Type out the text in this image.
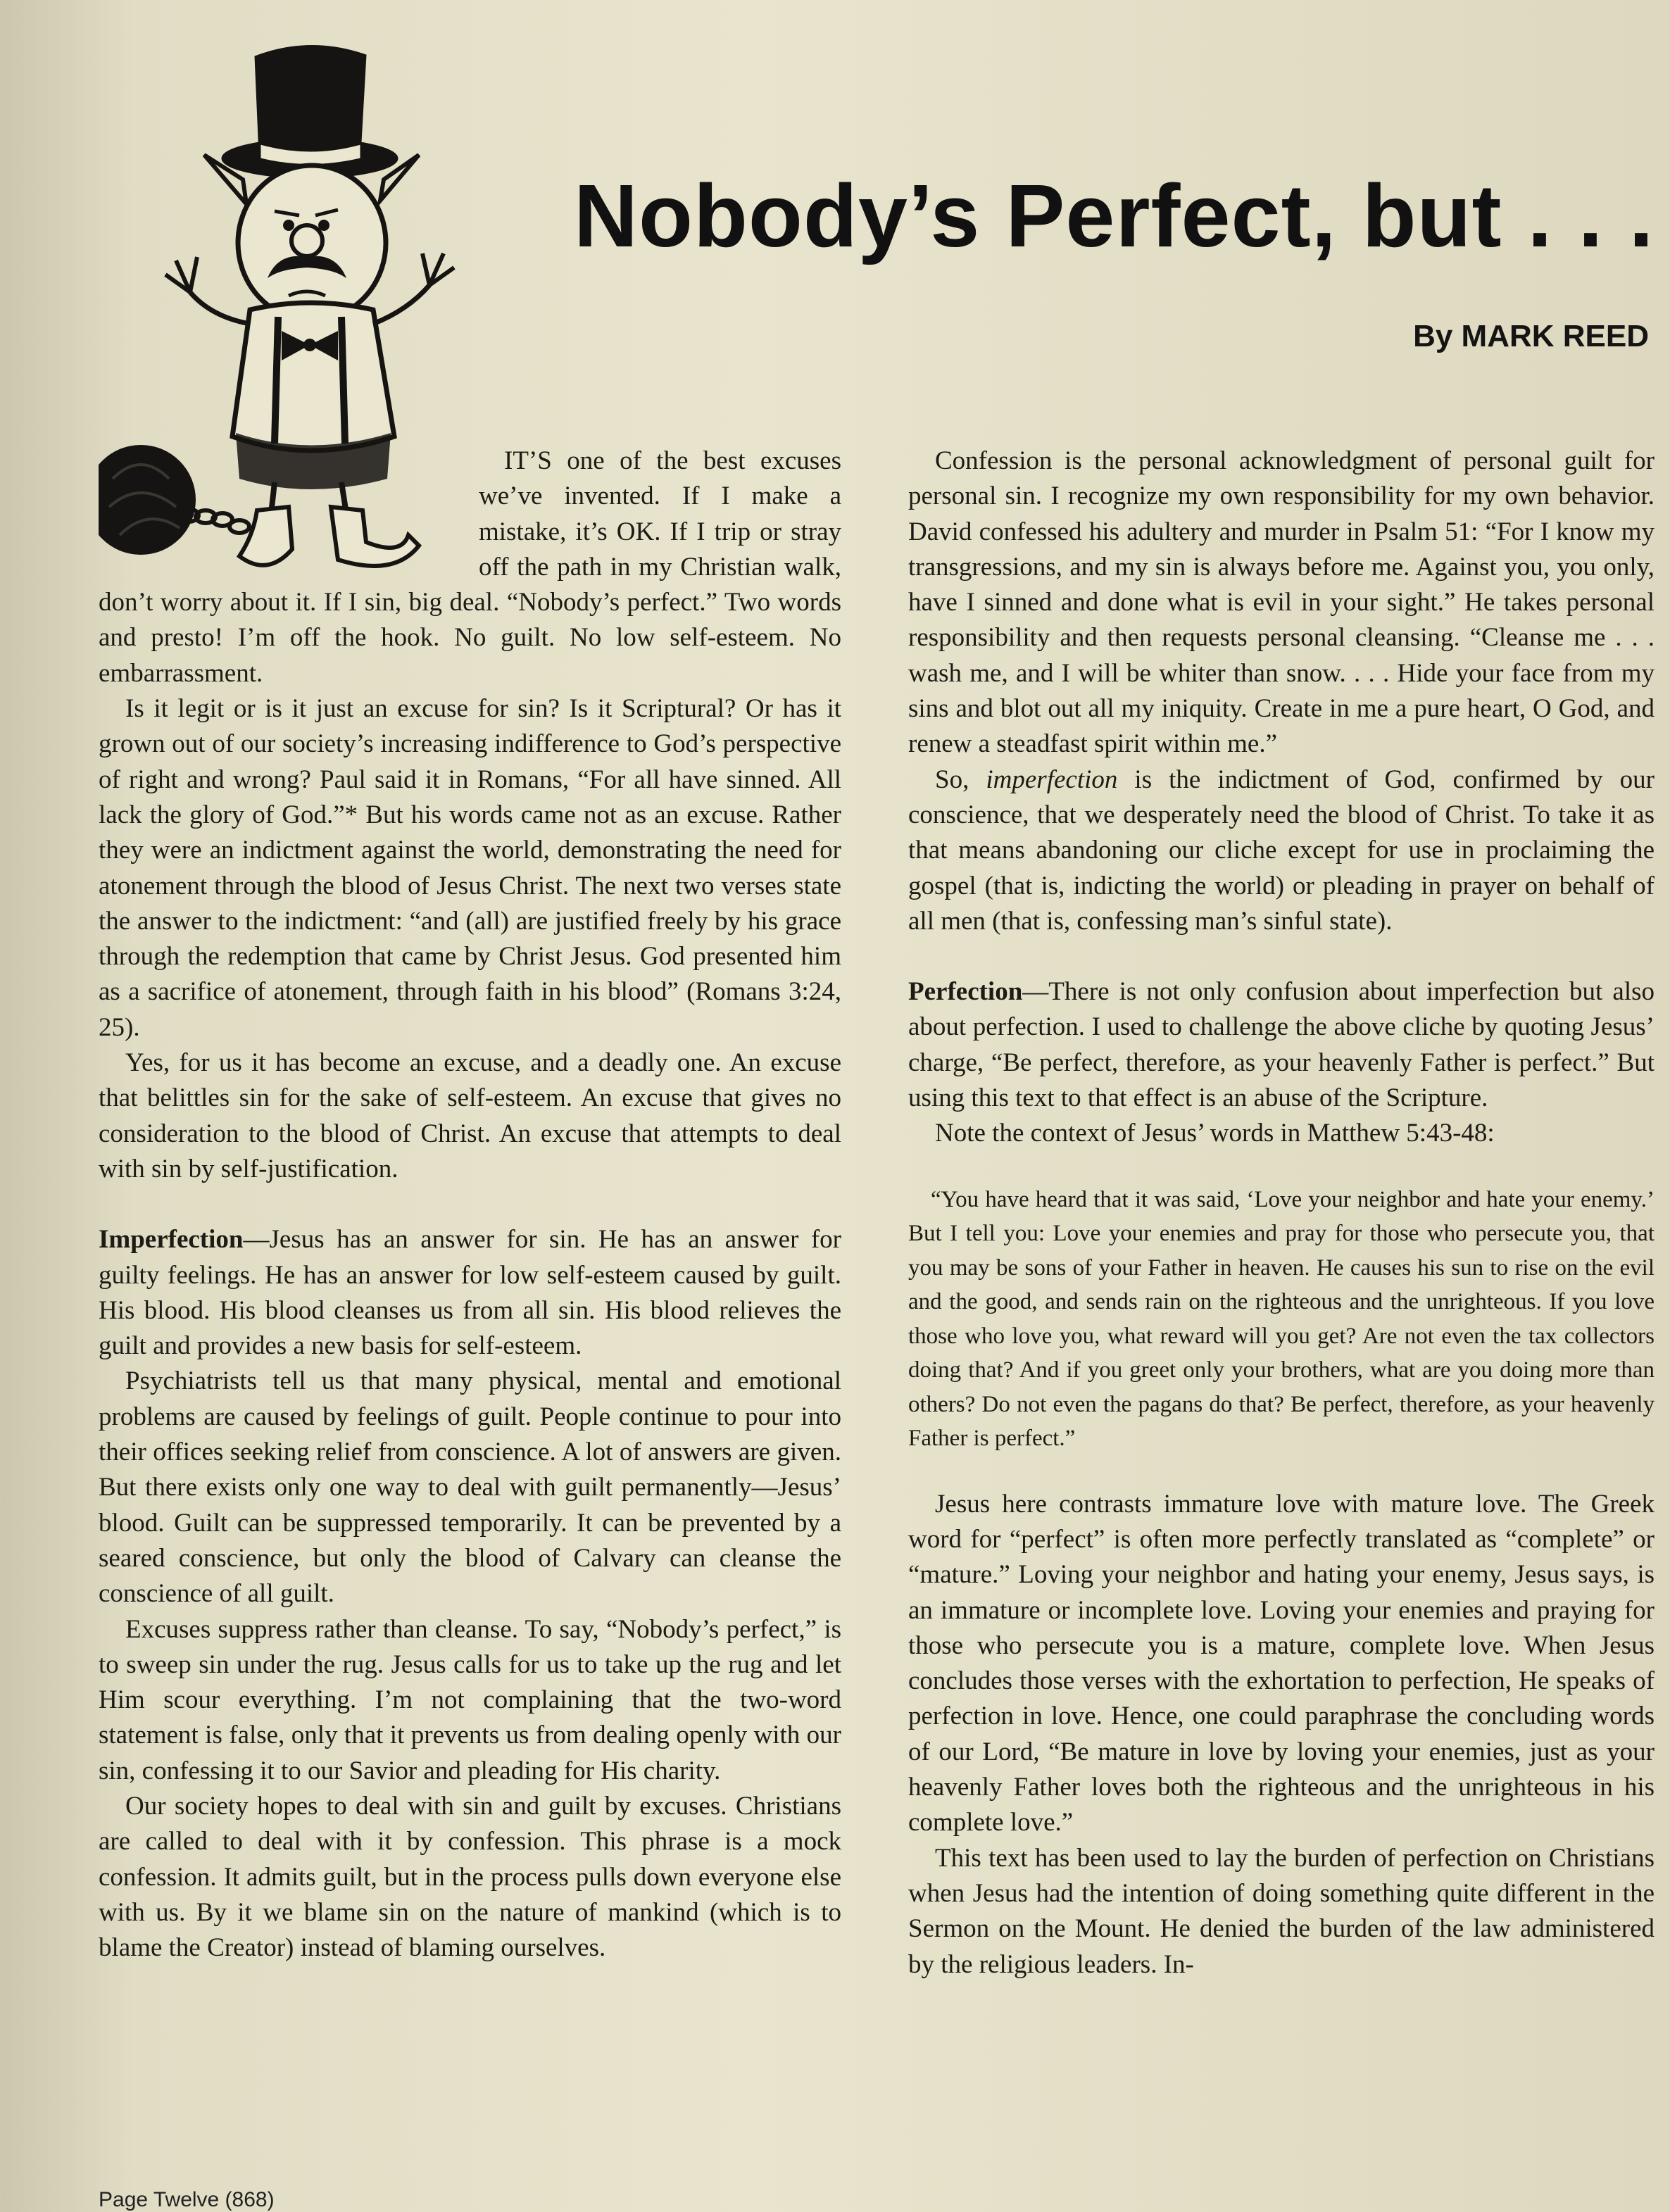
Nobody’s Perfect, but . . .
By MARK REED

IT’S one of the best excuses we’ve invented. If I make a mistake, it’s OK. If I trip or stray off the path in my Christian walk, don’t worry about it. If I sin, big deal. “Nobody’s perfect.” Two words and presto! I’m off the hook. No guilt. No low self-esteem. No embarrassment.

Is it legit or is it just an excuse for sin? Is it Scriptural? Or has it grown out of our society’s increasing indifference to God’s perspective of right and wrong? Paul said it in Romans, “For all have sinned. All lack the glory of God.”* But his words came not as an excuse. Rather they were an indictment against the world, demonstrating the need for atonement through the blood of Jesus Christ. The next two verses state the answer to the indictment: “and (all) are justified freely by his grace through the redemption that came by Christ Jesus. God presented him as a sacrifice of atonement, through faith in his blood” (Romans 3:24, 25).

Yes, for us it has become an excuse, and a deadly one. An excuse that belittles sin for the sake of self-esteem. An excuse that gives no consideration to the blood of Christ. An excuse that attempts to deal with sin by self-justification.

Imperfection—Jesus has an answer for sin. He has an answer for guilty feelings. He has an answer for low self-esteem caused by guilt. His blood. His blood cleanses us from all sin. His blood relieves the guilt and provides a new basis for self-esteem.

Psychiatrists tell us that many physical, mental and emotional problems are caused by feelings of guilt. People continue to pour into their offices seeking relief from conscience. A lot of answers are given. But there exists only one way to deal with guilt permanently—Jesus’ blood. Guilt can be suppressed temporarily. It can be prevented by a seared conscience, but only the blood of Calvary can cleanse the conscience of all guilt.

Excuses suppress rather than cleanse. To say, “Nobody’s perfect,” is to sweep sin under the rug. Jesus calls for us to take up the rug and let Him scour everything. I’m not complaining that the two-word statement is false, only that it prevents us from dealing openly with our sin, confessing it to our Savior and pleading for His charity.

Our society hopes to deal with sin and guilt by excuses. Christians are called to deal with it by confession. This phrase is a mock confession. It admits guilt, but in the process pulls down everyone else with us. By it we blame sin on the nature of mankind (which is to blame the Creator) instead of blaming ourselves.

Confession is the personal acknowledgment of personal guilt for personal sin. I recognize my own responsibility for my own behavior. David confessed his adultery and murder in Psalm 51: “For I know my transgressions, and my sin is always before me. Against you, you only, have I sinned and done what is evil in your sight.” He takes personal responsibility and then requests personal cleansing. “Cleanse me . . . wash me, and I will be whiter than snow. . . . Hide your face from my sins and blot out all my iniquity. Create in me a pure heart, O God, and renew a steadfast spirit within me.”

So, imperfection is the indictment of God, confirmed by our conscience, that we desperately need the blood of Christ. To take it as that means abandoning our cliche except for use in proclaiming the gospel (that is, indicting the world) or pleading in prayer on behalf of all men (that is, confessing man’s sinful state).

Perfection—There is not only confusion about imperfection but also about perfection. I used to challenge the above cliche by quoting Jesus’ charge, “Be perfect, therefore, as your heavenly Father is perfect.” But using this text to that effect is an abuse of the Scripture.

Note the context of Jesus’ words in Matthew 5:43-48:

“You have heard that it was said, ‘Love your neighbor and hate your enemy.’ But I tell you: Love your enemies and pray for those who persecute you, that you may be sons of your Father in heaven. He causes his sun to rise on the evil and the good, and sends rain on the righteous and the unrighteous. If you love those who love you, what reward will you get? Are not even the tax collectors doing that? And if you greet only your brothers, what are you doing more than others? Do not even the pagans do that? Be perfect, therefore, as your heavenly Father is perfect.”

Jesus here contrasts immature love with mature love. The Greek word for “perfect” is often more perfectly translated as “complete” or “mature.” Loving your neighbor and hating your enemy, Jesus says, is an immature or incomplete love. Loving your enemies and praying for those who persecute you is a mature, complete love. When Jesus concludes those verses with the exhortation to perfection, He speaks of perfection in love. Hence, one could paraphrase the concluding words of our Lord, “Be mature in love by loving your enemies, just as your heavenly Father loves both the righteous and the unrighteous in his complete love.”

This text has been used to lay the burden of perfection on Christians when Jesus had the intention of doing something quite different in the Sermon on the Mount. He denied the burden of the law administered by the religious leaders. In-

Page Twelve (868)
